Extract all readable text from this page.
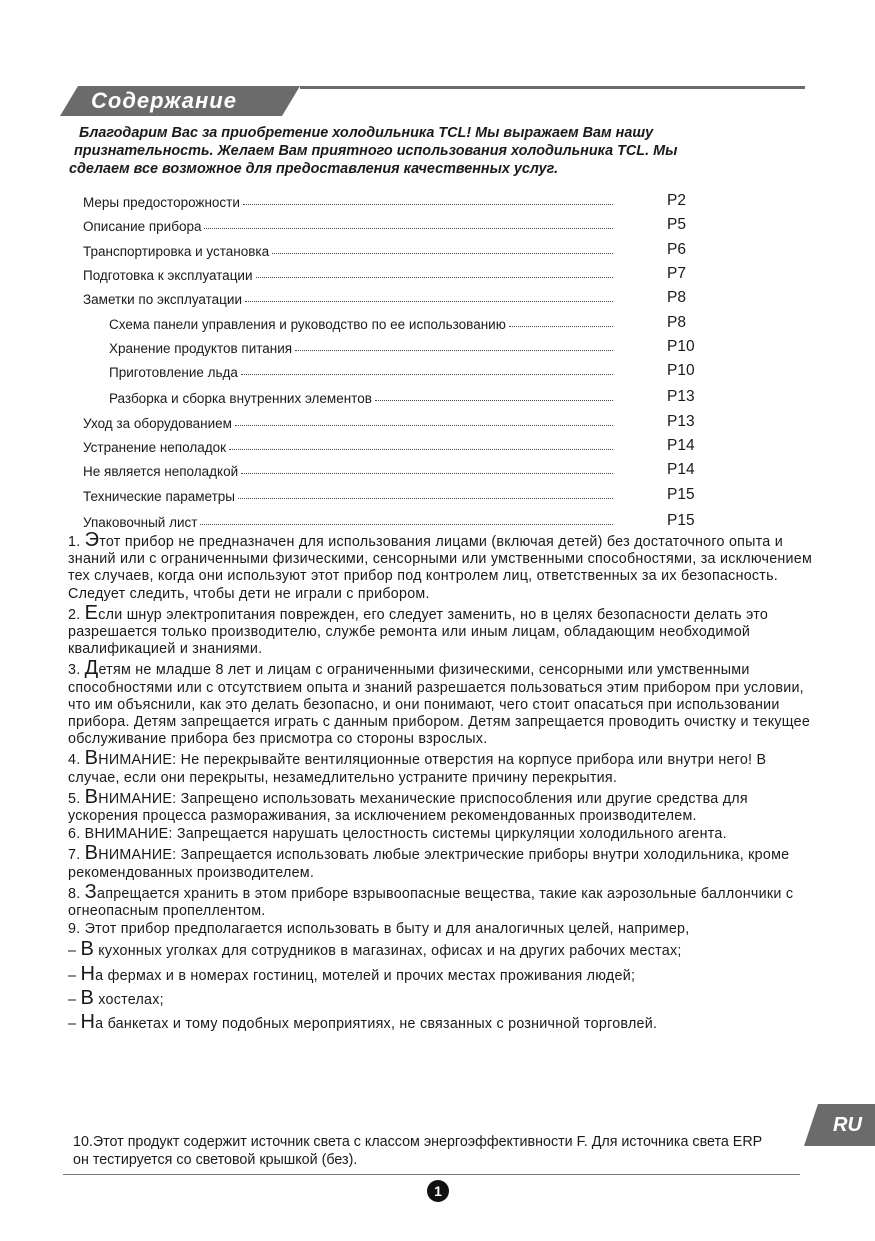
Содержание
Благодарим Вас за приобретение холодильника TCL! Мы выражаем Вам нашу
признательность. Желаем Вам приятного использования холодильника TCL. Мы
сделаем все возможное для предоставления качественных услуг.
Меры предосторожности	P2
Описание прибора	P5
Транспортировка и установка	P6
Подготовка к эксплуатации	P7
Заметки по эксплуатации	P8
Схема панели управления и руководство по ее использованию	P8
Хранение продуктов питания	P10
Приготовление льда	P10
Разборка и сборка внутренних элементов	P13
Уход за оборудованием	P13
Устранение неполадок	P14
Не является неполадкой	P14
Технические параметры	P15
Упаковочный лист	P15

1. Этот прибор не предназначен для использования лицами (включая детей) без достаточного опыта и знаний или с ограниченными физическими, сенсорными или умственными способностями, за исключением тех случаев, когда они используют этот прибор под контролем лиц, ответственных за их безопасность. Следует следить, чтобы дети не играли с прибором.

2. Если шнур электропитания поврежден, его следует заменить, но в целях безопасности делать это разрешается только производителю, службе ремонта или иным лицам, обладающим необходимой квалификацией и знаниями.

3. Детям не младше 8 лет и лицам с ограниченными физическими, сенсорными или умственными способностями или с отсутствием опыта и знаний разрешается пользоваться этим прибором при условии, что им объяснили, как это делать безопасно, и они понимают, чего стоит опасаться при использовании прибора. Детям запрещается играть с данным прибором. Детям запрещается проводить очистку и текущее обслуживание прибора без присмотра со стороны взрослых.

4. ВНИМАНИЕ: Не перекрывайте вентиляционные отверстия на корпусе прибора или внутри него! В случае, если они перекрыты, незамедлительно устраните причину перекрытия.

5. ВНИМАНИЕ: Запрещено использовать механические приспособления или другие средства для ускорения процесса размораживания, за исключением рекомендованных производителем.

6. ВНИМАНИЕ: Запрещается нарушать целостность системы циркуляции холодильного агента.

7. ВНИМАНИЕ: Запрещается использовать любые электрические приборы внутри холодильника, кроме рекомендованных производителем.

8. Запрещается хранить в этом приборе взрывоопасные вещества, такие как аэрозольные баллончики с огнеопасным пропеллентом.

9. Этот прибор предполагается использовать в быту и для аналогичных целей, например,

– В кухонных уголках для сотрудников в магазинах, офисах и на других рабочих местах;

– На фермах и в номерах гостиниц, мотелей и прочих местах проживания людей;

– В хостелах;

– На банкетах и тому подобных мероприятиях, не связанных с розничной торговлей.

10.Этот продукт содержит источник света с классом энергоэффективности F. Для источника света ERP
он тестируется со световой крышкой (без).
RU
1
